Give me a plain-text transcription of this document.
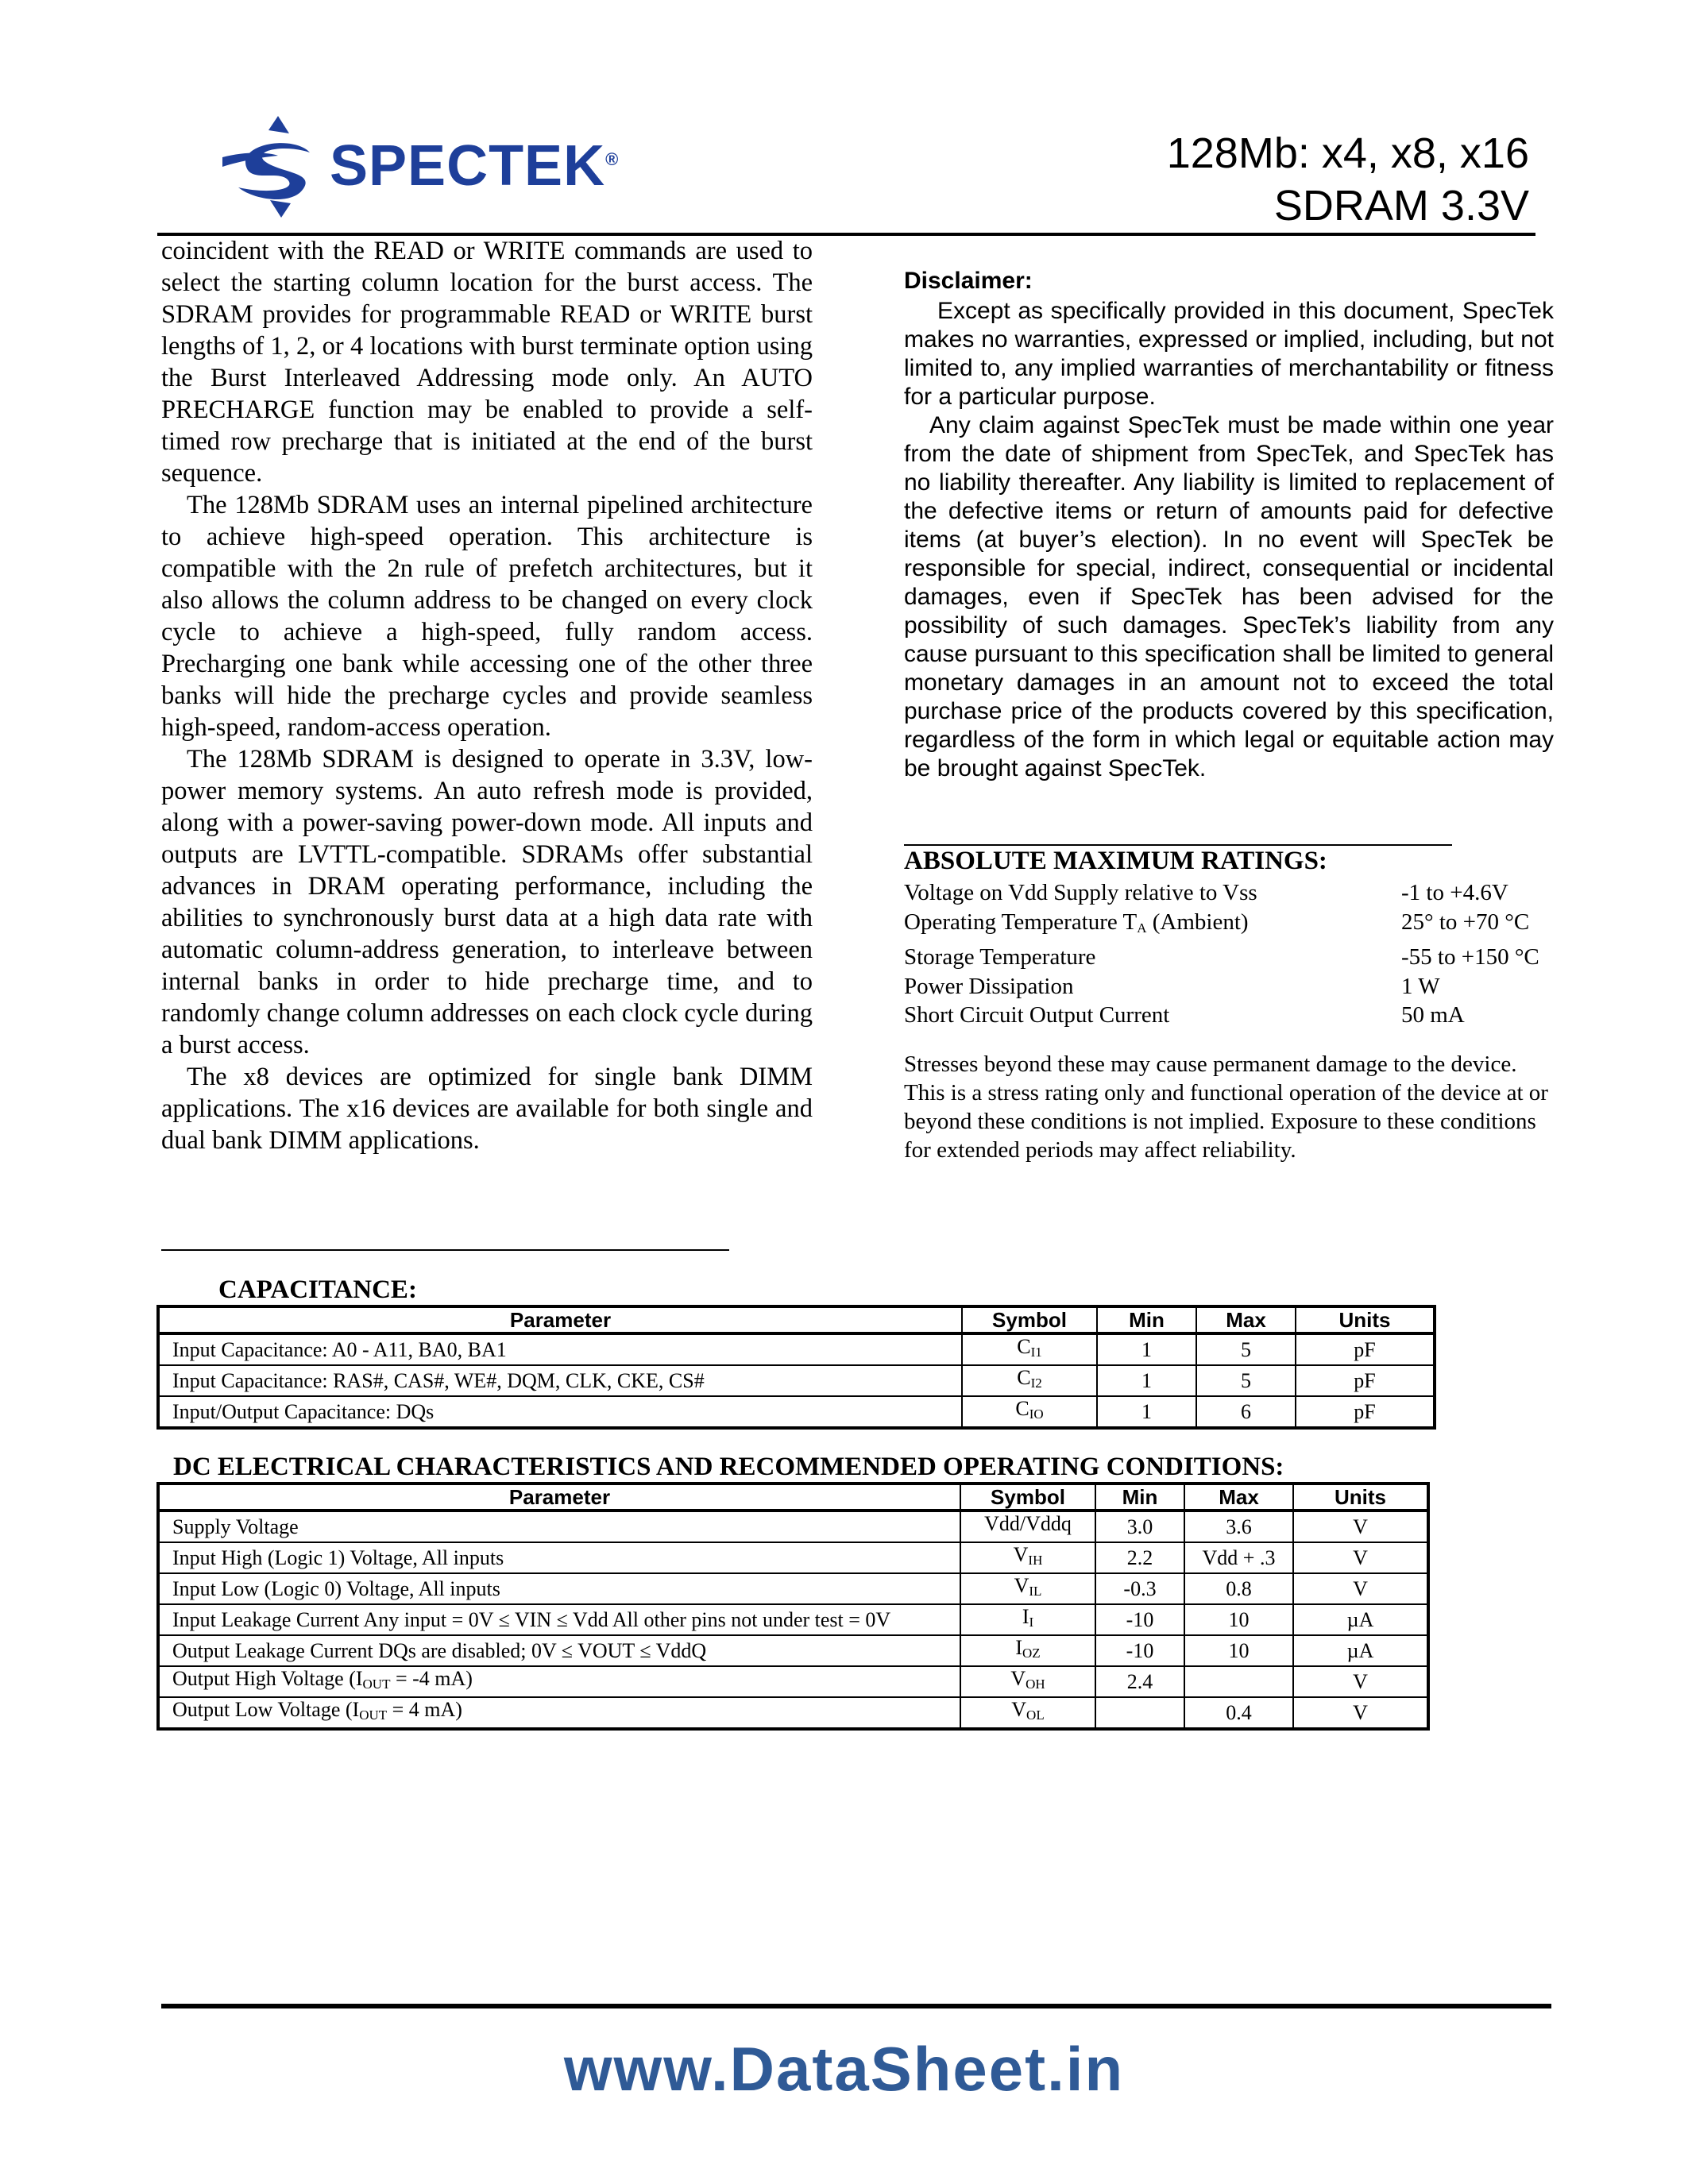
SPECTEK®	128Mb: x4, x8, x16
SDRAM 3.3V

coincident with the READ or WRITE commands are used to select the starting column location for the burst access. The SDRAM provides for programmable READ or WRITE burst lengths of 1, 2, or 4 locations with burst terminate option using the Burst Interleaved Addressing mode only. An AUTO PRECHARGE function may be enabled to provide a self-timed row precharge that is initiated at the end of the burst sequence.

The 128Mb SDRAM uses an internal pipelined architecture to achieve high-speed operation. This architecture is compatible with the 2n rule of prefetch architectures, but it also allows the column address to be changed on every clock cycle to achieve a high-speed, fully random access. Precharging one bank while accessing one of the other three banks will hide the precharge cycles and provide seamless high-speed, random-access operation.

The 128Mb SDRAM is designed to operate in 3.3V, low-power memory systems. An auto refresh mode is provided, along with a power-saving power-down mode. All inputs and outputs are LVTTL-compatible. SDRAMs offer substantial advances in DRAM operating performance, including the abilities to synchronously burst data at a high data rate with automatic column-address generation, to interleave between internal banks in order to hide precharge time, and to randomly change column addresses on each clock cycle during a burst access.

The x8 devices are optimized for single bank DIMM applications. The x16 devices are available for both single and dual bank DIMM applications.

Disclaimer:

Except as specifically provided in this document, SpecTek makes no warranties, expressed or implied, including, but not limited to, any implied warranties of merchantability or fitness for a particular purpose.

Any claim against SpecTek must be made within one year from the date of shipment from SpecTek, and SpecTek has no liability thereafter. Any liability is limited to replacement of the defective items or return of amounts paid for defective items (at buyer’s election). In no event will SpecTek be responsible for special, indirect, consequential or incidental damages, even if SpecTek has been advised for the possibility of such damages. SpecTek’s liability from any cause pursuant to this specification shall be limited to general monetary damages in an amount not to exceed the total purchase price of the products covered by this specification, regardless of the form in which legal or equitable action may be brought against SpecTek.

ABSOLUTE MAXIMUM RATINGS:
Voltage on Vdd Supply relative to Vss	-1 to +4.6V
Operating Temperature $T_A$ (Ambient)	25° to +70 °C
Storage Temperature	-55 to +150 °C
Power Dissipation	1 W
Short Circuit Output Current	50 mA
Stresses beyond these may cause permanent damage to the device. This is a stress rating only and functional operation of the device at or beyond these conditions is not implied. Exposure to these conditions for extended periods may affect reliability.
CAPACITANCE:
Parameter	Symbol	Min	Max	Units
Input Capacitance: A0 - A11, BA0, BA1	$C_{I1}$	1	5	pF
Input Capacitance: RAS#, CAS#, WE#, DQM, CLK, CKE, CS#	$C_{I2}$	1	5	pF
Input/Output Capacitance: DQs	$C_{IO}$	1	6	pF
DC ELECTRICAL CHARACTERISTICS AND RECOMMENDED OPERATING CONDITIONS:
Parameter	Symbol	Min	Max	Units
Supply Voltage	Vdd/Vddq	3.0	3.6	V
Input High (Logic 1) Voltage, All inputs	$V_{IH}$	2.2	Vdd + .3	V
Input Low (Logic 0) Voltage, All inputs	$V_{IL}$	-0.3	0.8	V
Input Leakage Current Any input = 0V ≤ VIN ≤ Vdd All other pins not under test = 0V	$I_I$	-10	10	µA
Output Leakage Current DQs are disabled; 0V ≤ VOUT ≤ VddQ	$I_{OZ}$	-10	10	µA
Output High Voltage ($I_{OUT} = -4$ mA)	$V_{OH}$	2.4		V
Output Low Voltage ($I_{OUT} = 4$ mA)	$V_{OL}$		0.4	V
www.DataSheet.in
